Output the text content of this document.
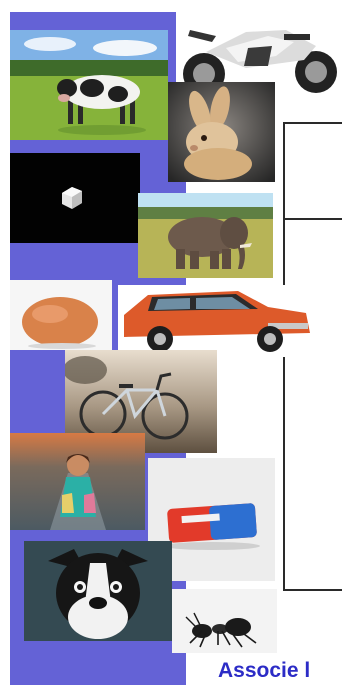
Associe l
